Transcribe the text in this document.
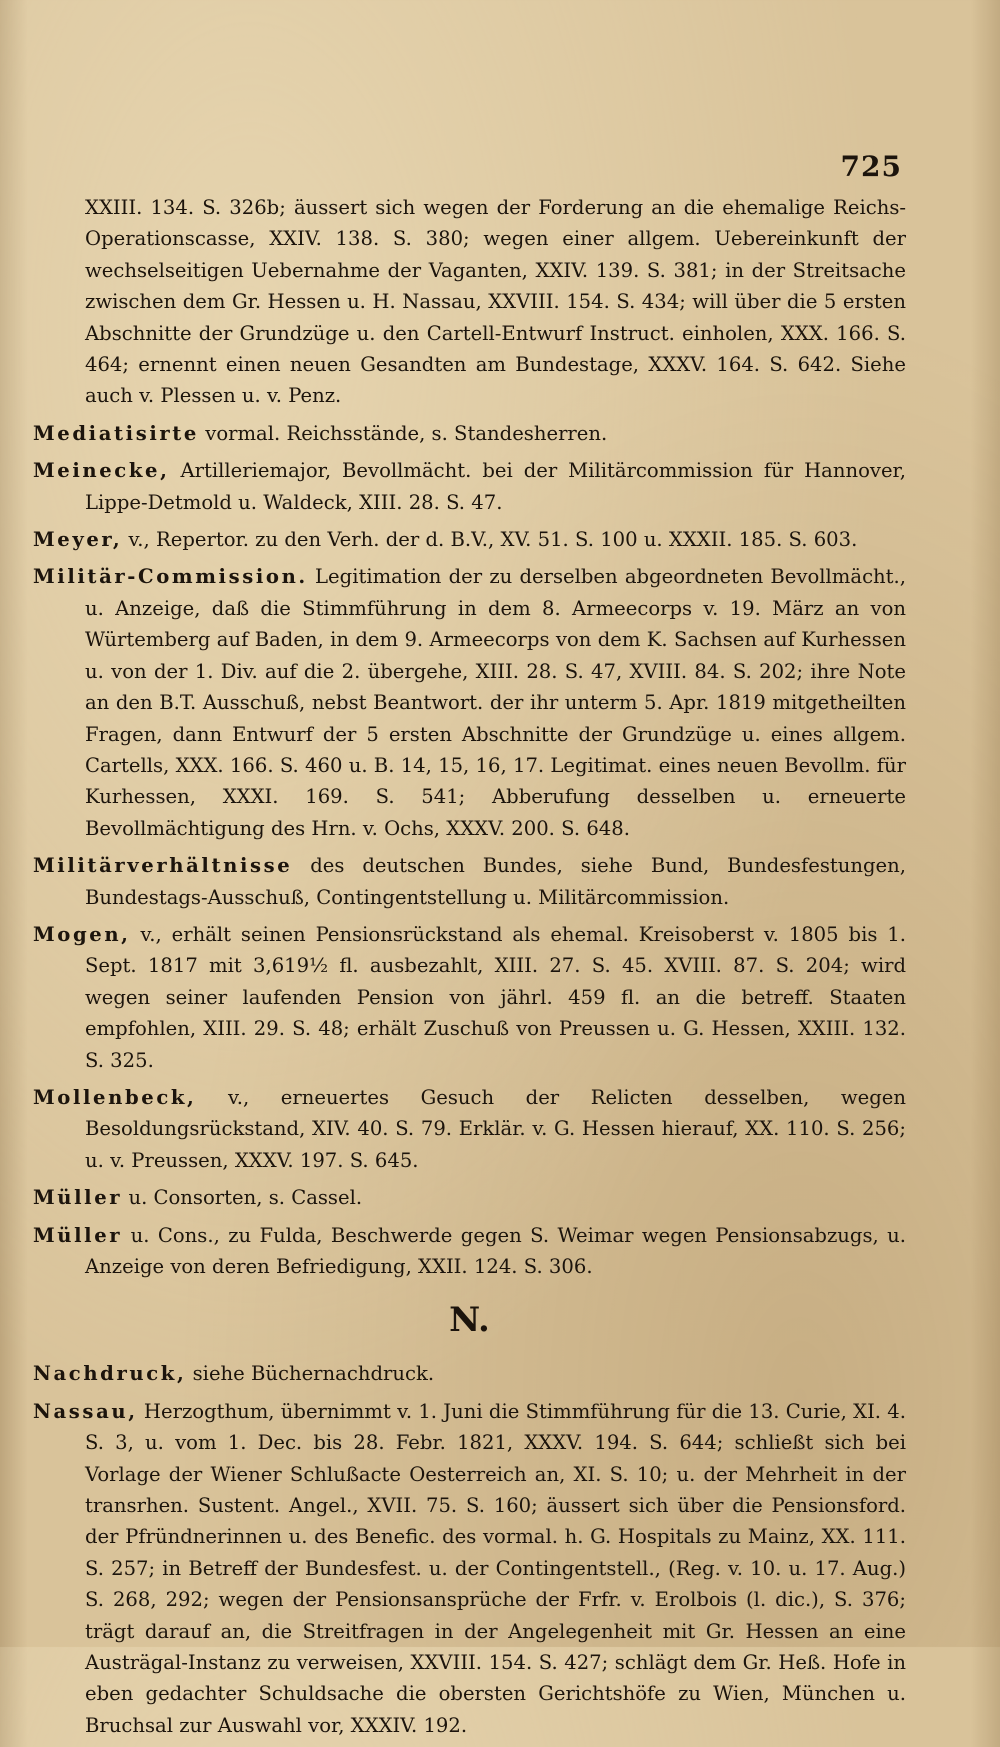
725

XXIII. 134. S. 326b; äussert sich wegen der Forderung an die ehemalige Reichs-Operationscasse, XXIV. 138. S. 380; wegen einer allgem. Uebereinkunft der wechselseitigen Uebernahme der Vaganten, XXIV. 139. S. 381; in der Streitsache zwischen dem Gr. Hessen u. H. Nassau, XXVIII. 154. S. 434; will über die 5 ersten Abschnitte der Grundzüge u. den Cartell-Entwurf Instruct. einholen, XXX. 166. S. 464; ernennt einen neuen Gesandten am Bundestage, XXXV. 164. S. 642. Siehe auch v. Plessen u. v. Penz.

Mediatisirte vormal. Reichsstände, s. Standesherren.

Meinecke, Artilleriemajor, Bevollmächt. bei der Militärcommission für Hannover, Lippe-Detmold u. Waldeck, XIII. 28. S. 47.

Meyer, v., Repertor. zu den Verh. der d. B.V., XV. 51. S. 100 u. XXXII. 185. S. 603.

Militär-Commission. Legitimation der zu derselben abgeordneten Bevollmächt., u. Anzeige, daß die Stimmführung in dem 8. Armeecorps v. 19. März an von Würtemberg auf Baden, in dem 9. Armeecorps von dem K. Sachsen auf Kurhessen u. von der 1. Div. auf die 2. übergehe, XIII. 28. S. 47, XVIII. 84. S. 202; ihre Note an den B.T. Ausschuß, nebst Beantwort. der ihr unterm 5. Apr. 1819 mitgetheilten Fragen, dann Entwurf der 5 ersten Abschnitte der Grundzüge u. eines allgem. Cartells, XXX. 166. S. 460 u. B. 14, 15, 16, 17. Legitimat. eines neuen Bevollm. für Kurhessen, XXXI. 169. S. 541; Abberufung desselben u. erneuerte Bevollmächtigung des Hrn. v. Ochs, XXXV. 200. S. 648.

Militärverhältnisse des deutschen Bundes, siehe Bund, Bundesfestungen, Bundestags-Ausschuß, Contingentstellung u. Militärcommission.

Mogen, v., erhält seinen Pensionsrückstand als ehemal. Kreisoberst v. 1805 bis 1. Sept. 1817 mit 3,619½ fl. ausbezahlt, XIII. 27. S. 45. XVIII. 87. S. 204; wird wegen seiner laufenden Pension von jährl. 459 fl. an die betreff. Staaten empfohlen, XIII. 29. S. 48; erhält Zuschuß von Preussen u. G. Hessen, XXIII. 132. S. 325.

Mollenbeck, v., erneuertes Gesuch der Relicten desselben, wegen Besoldungsrückstand, XIV. 40. S. 79. Erklär. v. G. Hessen hierauf, XX. 110. S. 256; u. v. Preussen, XXXV. 197. S. 645.

Müller u. Consorten, s. Cassel.

Müller u. Cons., zu Fulda, Beschwerde gegen S. Weimar wegen Pensionsabzugs, u. Anzeige von deren Befriedigung, XXII. 124. S. 306.

N.

Nachdruck, siehe Büchernachdruck.

Nassau, Herzogthum, übernimmt v. 1. Juni die Stimmführung für die 13. Curie, XI. 4. S. 3, u. vom 1. Dec. bis 28. Febr. 1821, XXXV. 194. S. 644; schließt sich bei Vorlage der Wiener Schlußacte Oesterreich an, XI. S. 10; u. der Mehrheit in der transrhen. Sustent. Angel., XVII. 75. S. 160; äussert sich über die Pensionsford. der Pfründnerinnen u. des Benefic. des vormal. h. G. Hospitals zu Mainz, XX. 111. S. 257; in Betreff der Bundesfest. u. der Contingentstell., (Reg. v. 10. u. 17. Aug.) S. 268, 292; wegen der Pensionsansprüche der Frfr. v. Erolbois (l. dic.), S. 376; trägt darauf an, die Streitfragen in der Angelegenheit mit Gr. Hessen an eine Austrägal-Instanz zu verweisen, XXVIII. 154. S. 427; schlägt dem Gr. Heß. Hofe in eben gedachter Schuldsache die obersten Gerichtshöfe zu Wien, München u. Bruchsal zur Auswahl vor, XXXIV. 192.
